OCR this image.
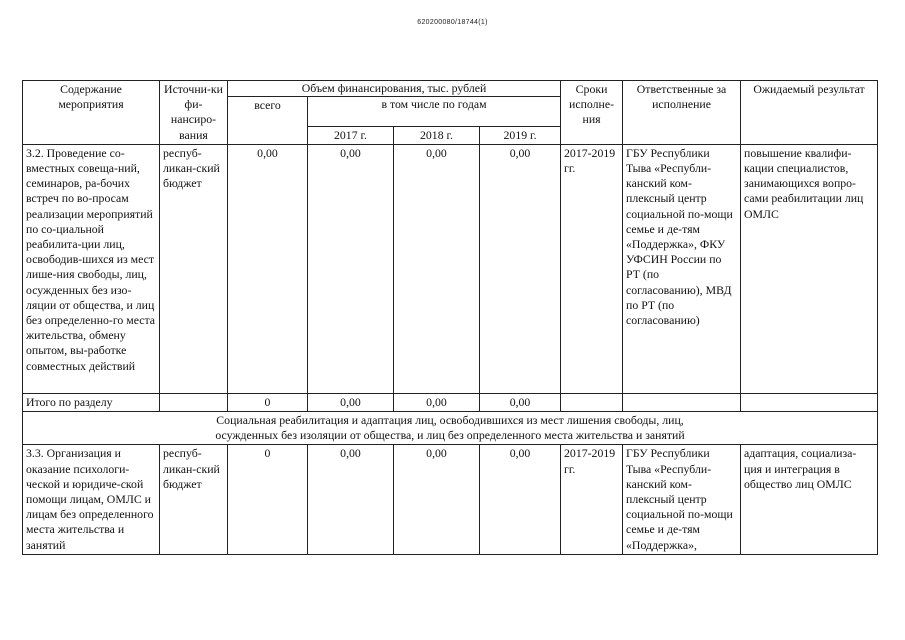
620200080/18744(1)
Содержание мероприятия	Источни-ки фи-нансиро-вания	Объем финансирования, тыс. рублей				Сроки исполне-ния	Ответственные за исполнение	Ожидаемый результат
		всего	в том числе по годам					
			2017 г.	2018 г.	2019 г.			
3.2. Проведение со-вместных совеща-ний, семинаров, ра-бочих встреч по во-просам реализации мероприятий по со-циальной реабилита-ции лиц, освободив-шихся из мест лише-ния свободы, лиц, осужденных без изо-ляции от общества, и лиц без определенно-го места жительства, обмену опытом, вы-работке совместных действий	респуб-ликан-ский бюджет	0,00	0,00	0,00	0,00	2017-2019 гг.	ГБУ Республики Тыва «Республи-канский ком-плексный центр социальной по-мощи семье и де-тям «Поддержка», ФКУ УФСИН России по РТ (по согласованию), МВД по РТ (по согласованию)	повышение квалифи-кации специалистов, занимающихся вопро-сами реабилитации лиц ОМЛС
Итого по разделу		0	0,00	0,00	0,00			

Социальная реабилитация и адаптация лиц, освободившихся из мест лишения свободы, лиц,
осужденных без изоляции от общества, и лиц без определенного места жительства и занятий								

3.3. Организация и оказание психологи-ческой и юридиче-ской помощи лицам, ОМЛС и лицам без определенного места жительства и занятий	респуб-ликан-ский бюджет	0	0,00	0,00	0,00	2017-2019 гг.	ГБУ Республики Тыва «Республи-канский ком-плексный центр социальной по-мощи семье и де-тям «Поддержка»,	адаптация, социализа-ция и интеграция в общество лиц ОМЛС
